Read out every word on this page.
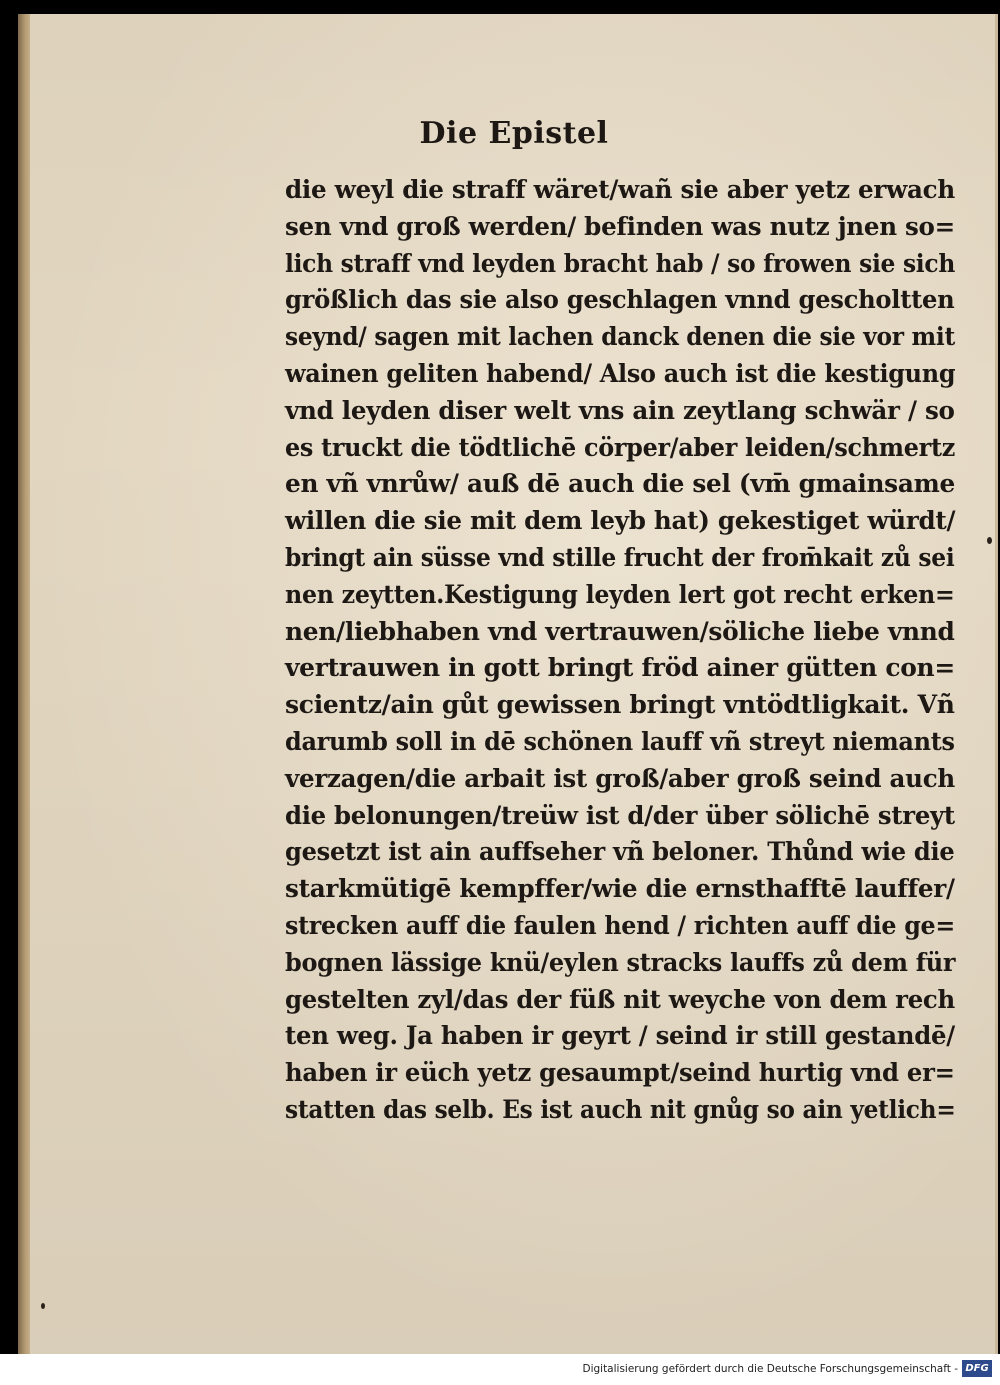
Die Epistel
die weyl die straff wäret/wañ sie aber yetz erwach
sen vnd groß werden/ befinden was nutz jnen so=
lich straff vnd leyden bracht hab / so frowen sie sich
größlich das sie also geschlagen vnnd gescholtten
seynd/ sagen mit lachen danck denen die sie vor mit
wainen geliten habend/ Also auch ist die kestigung
vnd leyden diser welt vns ain zeytlang schwär / so
es truckt die tödtlichē cörper/aber leiden/schmertz
en vñ vnrůw/ auß dē auch die sel (vm̄ gmainsame
willen die sie mit dem leyb hat) gekestiget würdt/
bringt ain süsse vnd stille frucht der from̄kait zů sei
nen zeytten.Kestigung leyden lert got recht erken=
nen/liebhaben vnd vertrauwen/söliche liebe vnnd
vertrauwen in gott bringt fröd ainer gütten con=
scientz/ain gůt gewissen bringt vntödtligkait. Vñ
darumb soll in dē schönen lauff vñ streyt niemants
verzagen/die arbait ist groß/aber groß seind auch
die belonungen/treüw ist d/der über sölichē streyt
gesetzt ist ain auffseher vñ beloner. Thůnd wie die
starkmütigē kempffer/wie die ernsthafftē lauffer/
strecken auff die faulen hend / richten auff die ge=
bognen lässige knü/eylen stracks lauffs zů dem für
gestelten zyl/das der füß nit weyche von dem rech
ten weg. Ja haben ir geyrt / seind ir still gestandē/
haben ir eüch yetz gesaumpt/seind hurtig vnd er=
statten das selb. Es ist auch nit gnůg so ain yetlich=
Digitalisierung gefördert durch die Deutsche Forschungsgemeinschaft - DFG
